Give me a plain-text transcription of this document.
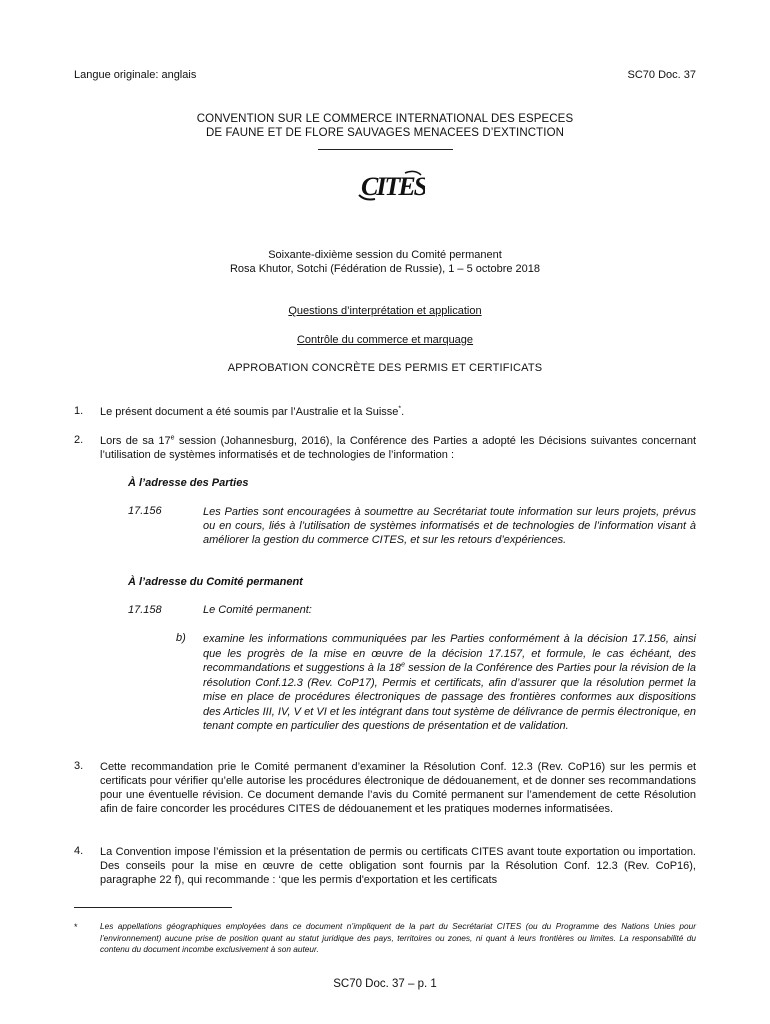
Langue originale: anglais	SC70 Doc. 37
CONVENTION SUR LE COMMERCE INTERNATIONAL DES ESPECES
DE FAUNE ET DE FLORE SAUVAGES MENACEES D’EXTINCTION
CITES
Soixante-dixième session du Comité permanent
Rosa Khutor, Sotchi (Fédération de Russie), 1 – 5 octobre 2018
Questions d’interprétation et application
Contrôle du commerce et marquage
APPROBATION CONCRÈTE DES PERMIS ET CERTIFICATS
1. Le présent document a été soumis par l’Australie et la Suisse*.
2. Lors de sa 17e session (Johannesburg, 2016), la Conférence des Parties a adopté les Décisions suivantes concernant l’utilisation de systèmes informatisés et de technologies de l’information :
À l’adresse des Parties
17.156	Les Parties sont encouragées à soumettre au Secrétariat toute information sur leurs projets, prévus ou en cours, liés à l’utilisation de systèmes informatisés et de technologies de l’information visant à améliorer la gestion du commerce CITES, et sur les retours d’expériences.
À l’adresse du Comité permanent
17.158	Le Comité permanent:
b) examine les informations communiquées par les Parties conformément à la décision 17.156, ainsi que les progrès de la mise en œuvre de la décision 17.157, et formule, le cas échéant, des recommandations et suggestions à la 18e session de la Conférence des Parties pour la révision de la résolution Conf.12.3 (Rev. CoP17), Permis et certificats, afin d’assurer que la résolution permet la mise en place de procédures électroniques de passage des frontières conformes aux dispositions des Articles III, IV, V et VI et les intégrant dans tout système de délivrance de permis électronique, en tenant compte en particulier des questions de présentation et de validation.
3. Cette recommandation prie le Comité permanent d’examiner la Résolution Conf. 12.3 (Rev. CoP16) sur les permis et certificats pour vérifier qu’elle autorise les procédures électronique de dédouanement, et de donner ses recommandations pour une éventuelle révision. Ce document demande l’avis du Comité permanent sur l’amendement de cette Résolution afin de faire concorder les procédures CITES de dédouanement et les pratiques modernes informatisées.
4. La Convention impose l’émission et la présentation de permis ou certificats CITES avant toute exportation ou importation. Des conseils pour la mise en œuvre de cette obligation sont fournis par la Résolution Conf. 12.3 (Rev. CoP16), paragraphe 22 f), qui recommande : ‘que les permis d'exportation et les certificats
*	Les appellations géographiques employées dans ce document n’impliquent de la part du Secrétariat CITES (ou du Programme des Nations Unies pour l’environnement) aucune prise de position quant au statut juridique des pays, territoires ou zones, ni quant à leurs frontières ou limites. La responsabilité du contenu du document incombe exclusivement à son auteur.
SC70 Doc. 37 – p. 1
